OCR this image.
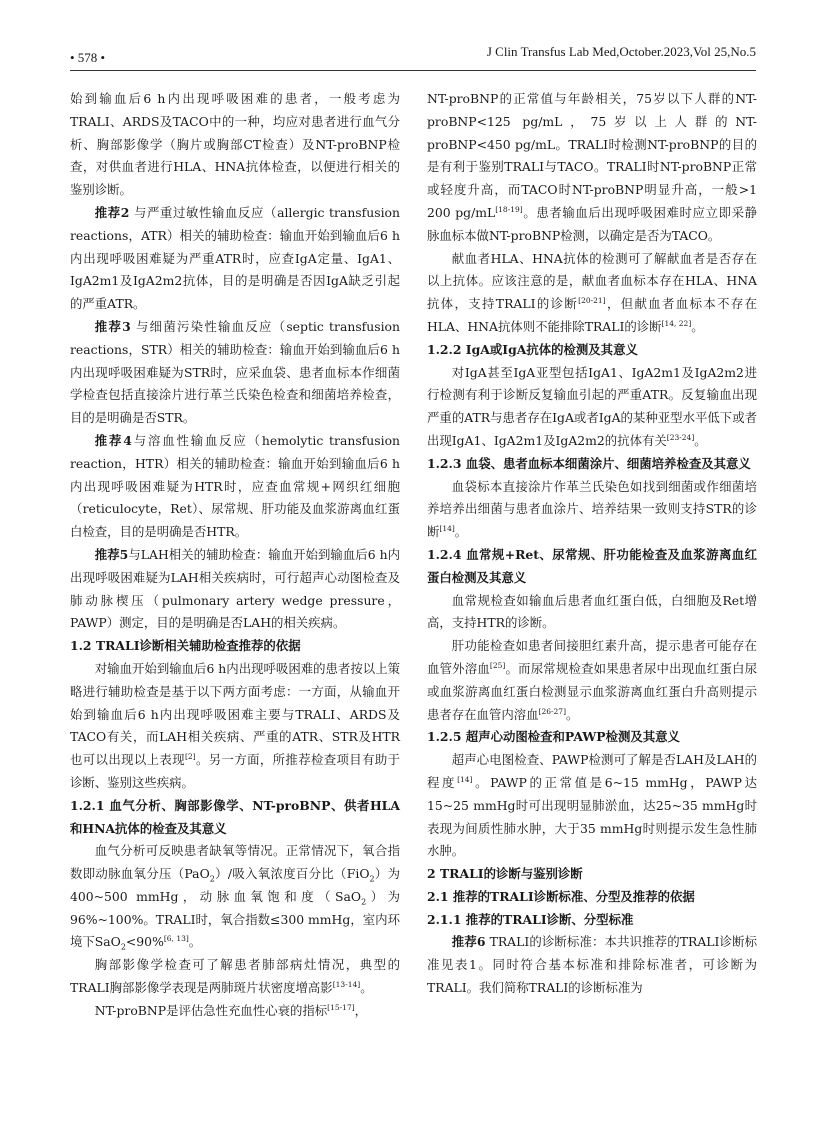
• 578 •	J Clin Transfus Lab Med,October.2023,Vol 25,No.5

始到输血后6 h内出现呼吸困难的患者，一般考虑为TRALI、ARDS及TACO中的一种，均应对患者进行血气分析、胸部影像学（胸片或胸部CT检查）及NT-proBNP检查，对供血者进行HLA、HNA抗体检查，以便进行相关的鉴别诊断。

推荐2 与严重过敏性输血反应（allergic transfusion reactions，ATR）相关的辅助检查：输血开始到输血后6 h内出现呼吸困难疑为严重ATR时，应查IgA定量、IgA1、IgA2m1及IgA2m2抗体，目的是明确是否因IgA缺乏引起的严重ATR。

推荐3 与细菌污染性输血反应（septic transfusion reactions，STR）相关的辅助检查：输血开始到输血后6 h内出现呼吸困难疑为STR时，应采血袋、患者血标本作细菌学检查包括直接涂片进行革兰氏染色检查和细菌培养检查，目的是明确是否STR。

推荐4与溶血性输血反应（hemolytic transfusion reaction，HTR）相关的辅助检查：输血开始到输血后6 h内出现呼吸困难疑为HTR时，应查血常规+网织红细胞（reticulocyte，Ret）、尿常规、肝功能及血浆游离血红蛋白检查，目的是明确是否HTR。

推荐5与LAH相关的辅助检查：输血开始到输血后6 h内出现呼吸困难疑为LAH相关疾病时，可行超声心动图检查及肺动脉楔压（pulmonary artery wedge pressure，PAWP）测定，目的是明确是否LAH的相关疾病。

1.2 TRALI诊断相关辅助检查推荐的依据

对输血开始到输血后6 h内出现呼吸困难的患者按以上策略进行辅助检查是基于以下两方面考虑：一方面，从输血开始到输血后6 h内出现呼吸困难主要与TRALI、ARDS及TACO有关，而LAH相关疾病、严重的ATR、STR及HTR也可以出现以上表现[2]。另一方面，所推荐检查项目有助于诊断、鉴别这些疾病。

1.2.1 血气分析、胸部影像学、NT-proBNP、供者HLA和HNA抗体的检查及其意义

血气分析可反映患者缺氧等情况。正常情况下，氧合指数即动脉血氧分压（PaO$_2$）/吸入氧浓度百分比（FiO$_2$）为400~500 mmHg，动脉血氧饱和度（SaO$_2$）为96%~100%。TRALI时，氧合指数≤300 mmHg，室内环境下SaO$_2$<90%[6, 13]。

胸部影像学检查可了解患者肺部病灶情况，典型的TRALI胸部影像学表现是两肺斑片状密度增高影[13-14]。

NT-proBNP是评估急性充血性心衰的指标[15-17]，

NT-proBNP的正常值与年龄相关，75岁以下人群的NT- proBNP<125 pg/mL，75岁以上人群的NT-proBNP<450 pg/mL。TRALI时检测NT-proBNP的目的是有利于鉴别TRALI与TACO。TRALI时NT-proBNP正常或轻度升高，而TACO时NT-proBNP明显升高，一般>1 200 pg/mL[18-19]。患者输血后出现呼吸困难时应立即采静脉血标本做NT-proBNP检测，以确定是否为TACO。

献血者HLA、HNA抗体的检测可了解献血者是否存在以上抗体。应该注意的是，献血者血标本存在HLA、HNA抗体，支持TRALI的诊断[20-21]，但献血者血标本不存在HLA、HNA抗体则不能排除TRALI的诊断[14, 22]。

1.2.2 IgA或IgA抗体的检测及其意义

对IgA甚至IgA亚型包括IgA1、IgA2m1及IgA2m2进行检测有利于诊断反复输血引起的严重ATR。反复输血出现严重的ATR与患者存在IgA或者IgA的某种亚型水平低下或者出现IgA1、IgA2m1及IgA2m2的抗体有关[23-24]。

1.2.3 血袋、患者血标本细菌涂片、细菌培养检查及其意义

血袋标本直接涂片作革兰氏染色如找到细菌或作细菌培养培养出细菌与患者血涂片、培养结果一致则支持STR的诊断[14]。

1.2.4 血常规+Ret、尿常规、肝功能检查及血浆游离血红蛋白检测及其意义

血常规检查如输血后患者血红蛋白低，白细胞及Ret增高，支持HTR的诊断。

肝功能检查如患者间接胆红素升高，提示患者可能存在血管外溶血[25]。而尿常规检查如果患者尿中出现血红蛋白尿或血浆游离血红蛋白检测显示血浆游离血红蛋白升高则提示患者存在血管内溶血[26-27]。

1.2.5 超声心动图检查和PAWP检测及其意义

超声心电图检查、PAWP检测可了解是否LAH及LAH的程度[14]。PAWP的正常值是6~15 mmHg，PAWP达15~25 mmHg时可出现明显肺淤血，达25~35 mmHg时表现为间质性肺水肿，大于35 mmHg时则提示发生急性肺水肿。

2 TRALI的诊断与鉴别诊断

2.1 推荐的TRALI诊断标准、分型及推荐的依据

2.1.1 推荐的TRALI诊断、分型标准

推荐6 TRALI的诊断标准：本共识推荐的TRALI诊断标准见表1。同时符合基本标准和排除标准者，可诊断为TRALI。我们简称TRALI的诊断标准为
